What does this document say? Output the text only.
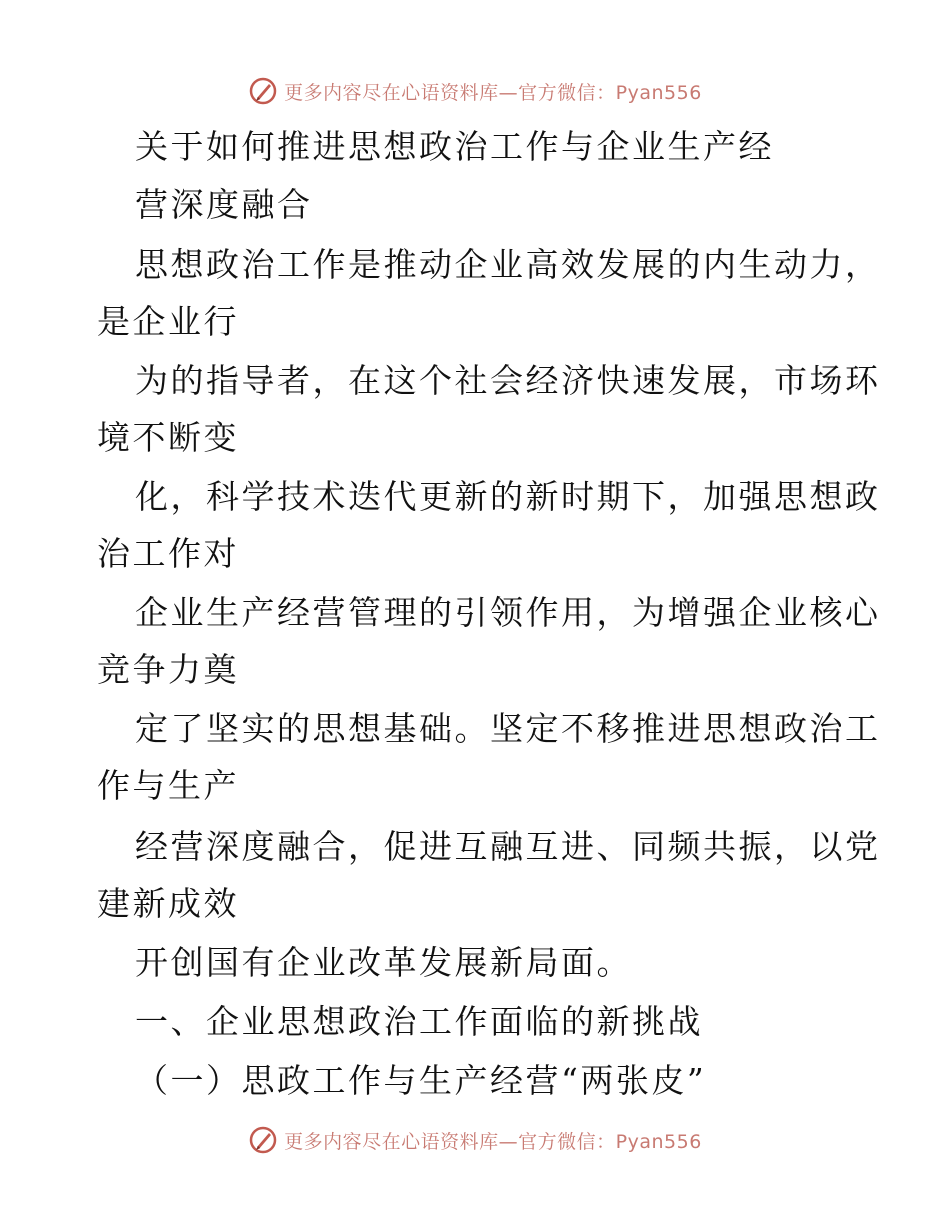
更多内容尽在心语资料库—官方微信：Pyan556
关于如何推进思想政治工作与企业生产经
营深度融合
思想政治工作是推动企业高效发展的内生动力，
是企业行
为的指导者，在这个社会经济快速发展，市场环
境不断变
化，科学技术迭代更新的新时期下，加强思想政
治工作对
企业生产经营管理的引领作用，为增强企业核心
竞争力奠
定了坚实的思想基础。坚定不移推进思想政治工
作与生产
经营深度融合，促进互融互进、同频共振，以党
建新成效
开创国有企业改革发展新局面。
一、企业思想政治工作面临的新挑战
（一）思政工作与生产经营“两张皮”
更多内容尽在心语资料库—官方微信：Pyan556
